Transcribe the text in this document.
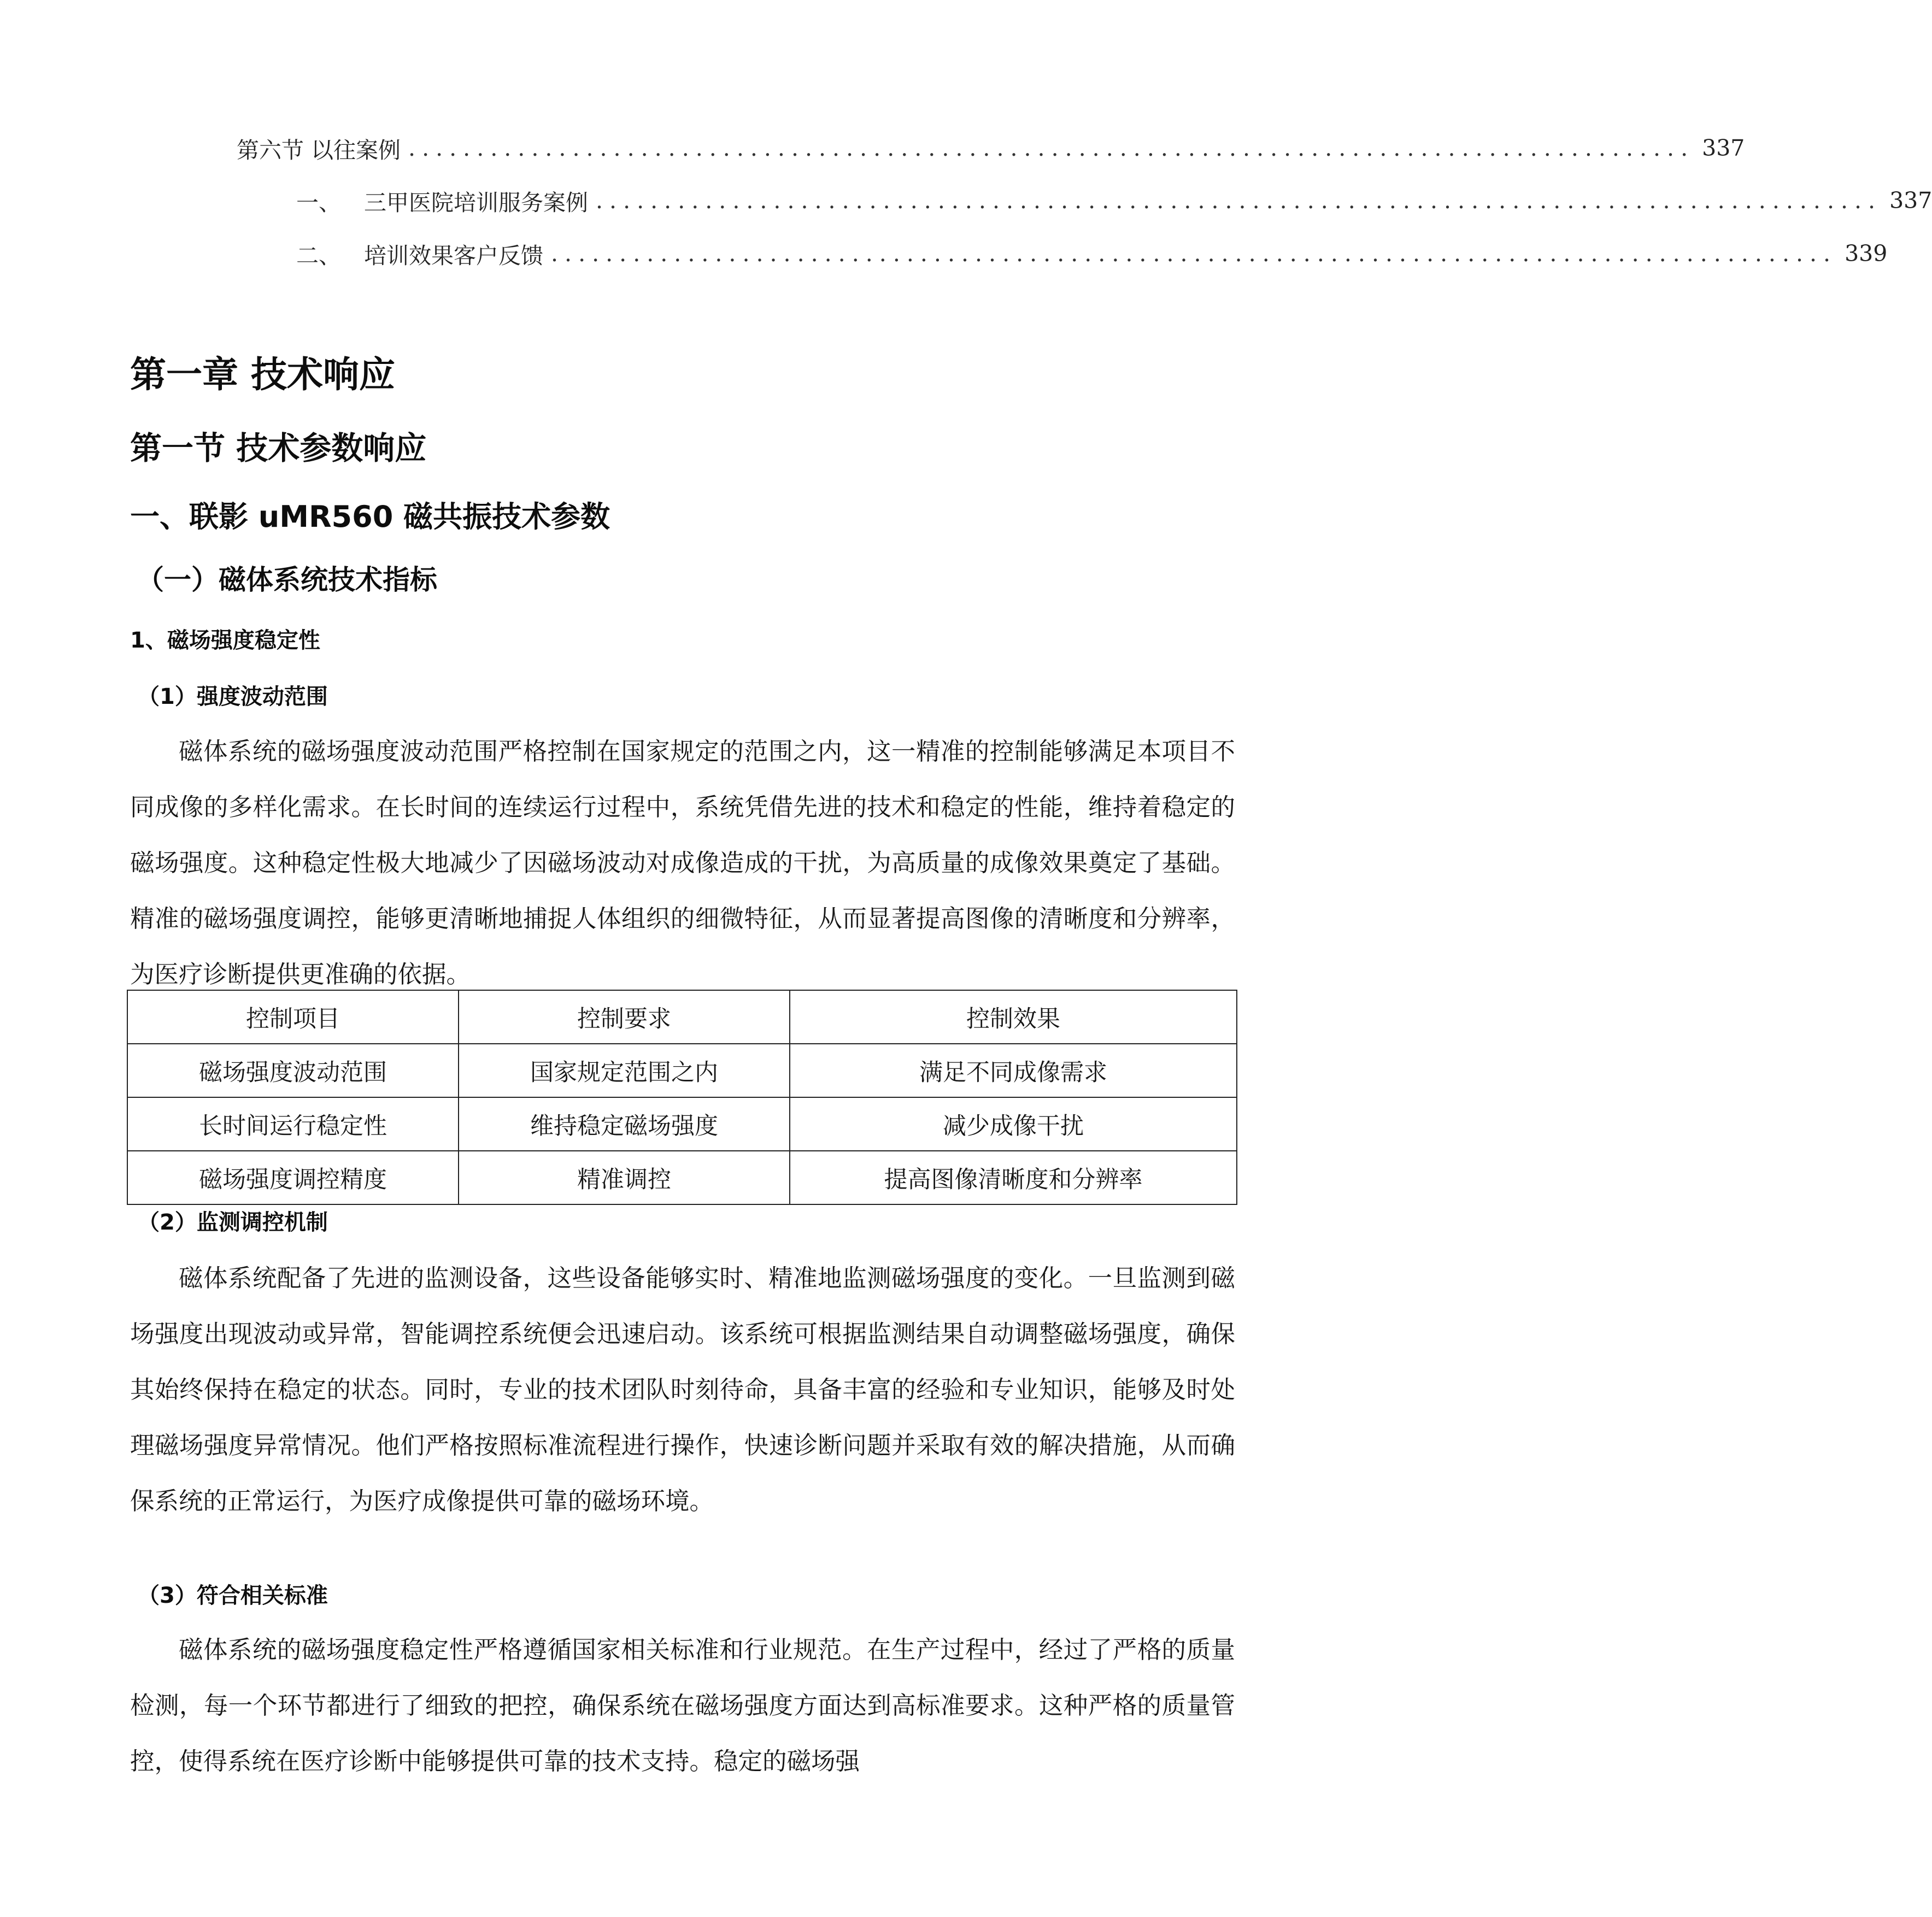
第六节 以往案例 .............................................................................................. 337
一、 三甲医院培训服务案例 .............................................................................................. 337
二、 培训效果客户反馈 .............................................................................................. 339
第一章 技术响应
第一节 技术参数响应
一、联影 uMR560 磁共振技术参数
（一）磁体系统技术指标
1、磁场强度稳定性
（1）强度波动范围
磁体系统的磁场强度波动范围严格控制在国家规定的范围之内，这一精准的控制能够满足本项目不同成像的多样化需求。在长时间的连续运行过程中，系统凭借先进的技术和稳定的性能，维持着稳定的磁场强度。这种稳定性极大地减少了因磁场波动对成像造成的干扰，为高质量的成像效果奠定了基础。精准的磁场强度调控，能够更清晰地捕捉人体组织的细微特征，从而显著提高图像的清晰度和分辨率，为医疗诊断提供更准确的依据。
控制项目	控制要求	控制效果
磁场强度波动范围	国家规定范围之内	满足不同成像需求
长时间运行稳定性	维持稳定磁场强度	减少成像干扰
磁场强度调控精度	精准调控	提高图像清晰度和分辨率
（2）监测调控机制
磁体系统配备了先进的监测设备，这些设备能够实时、精准地监测磁场强度的变化。一旦监测到磁场强度出现波动或异常，智能调控系统便会迅速启动。该系统可根据监测结果自动调整磁场强度，确保其始终保持在稳定的状态。同时，专业的技术团队时刻待命，具备丰富的经验和专业知识，能够及时处理磁场强度异常情况。他们严格按照标准流程进行操作，快速诊断问题并采取有效的解决措施，从而确保系统的正常运行，为医疗成像提供可靠的磁场环境。
（3）符合相关标准
磁体系统的磁场强度稳定性严格遵循国家相关标准和行业规范。在生产过程中，经过了严格的质量检测，每一个环节都进行了细致的把控，确保系统在磁场强度方面达到高标准要求。这种严格的质量管控，使得系统在医疗诊断中能够提供可靠的技术支持。稳定的磁场强
